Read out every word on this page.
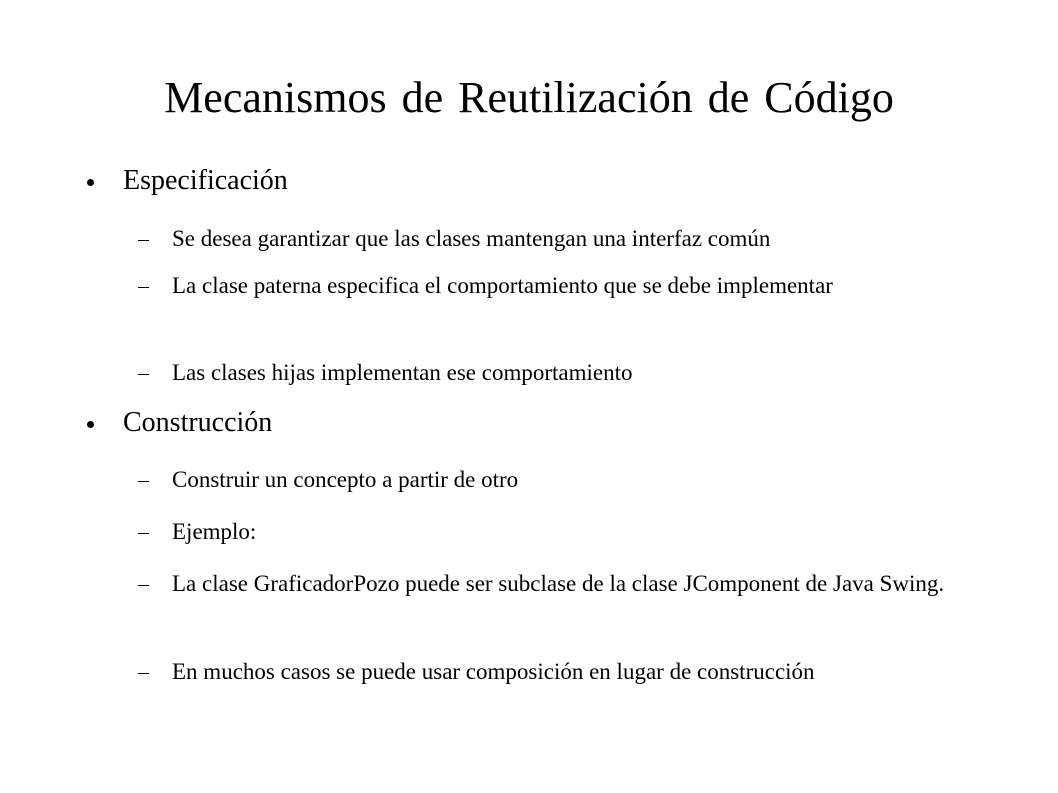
Mecanismos de Reutilización de Código
Especificación
Se desea garantizar que las clases mantengan una interfaz común
La clase paterna especifica el comportamiento que se debe implementar
Las clases hijas implementan ese comportamiento
Construcción
Construir un concepto a partir de otro
Ejemplo:
La clase GraficadorPozo puede ser subclase de la clase JComponent de Java Swing.
En muchos casos se puede usar composición en lugar de construcción
